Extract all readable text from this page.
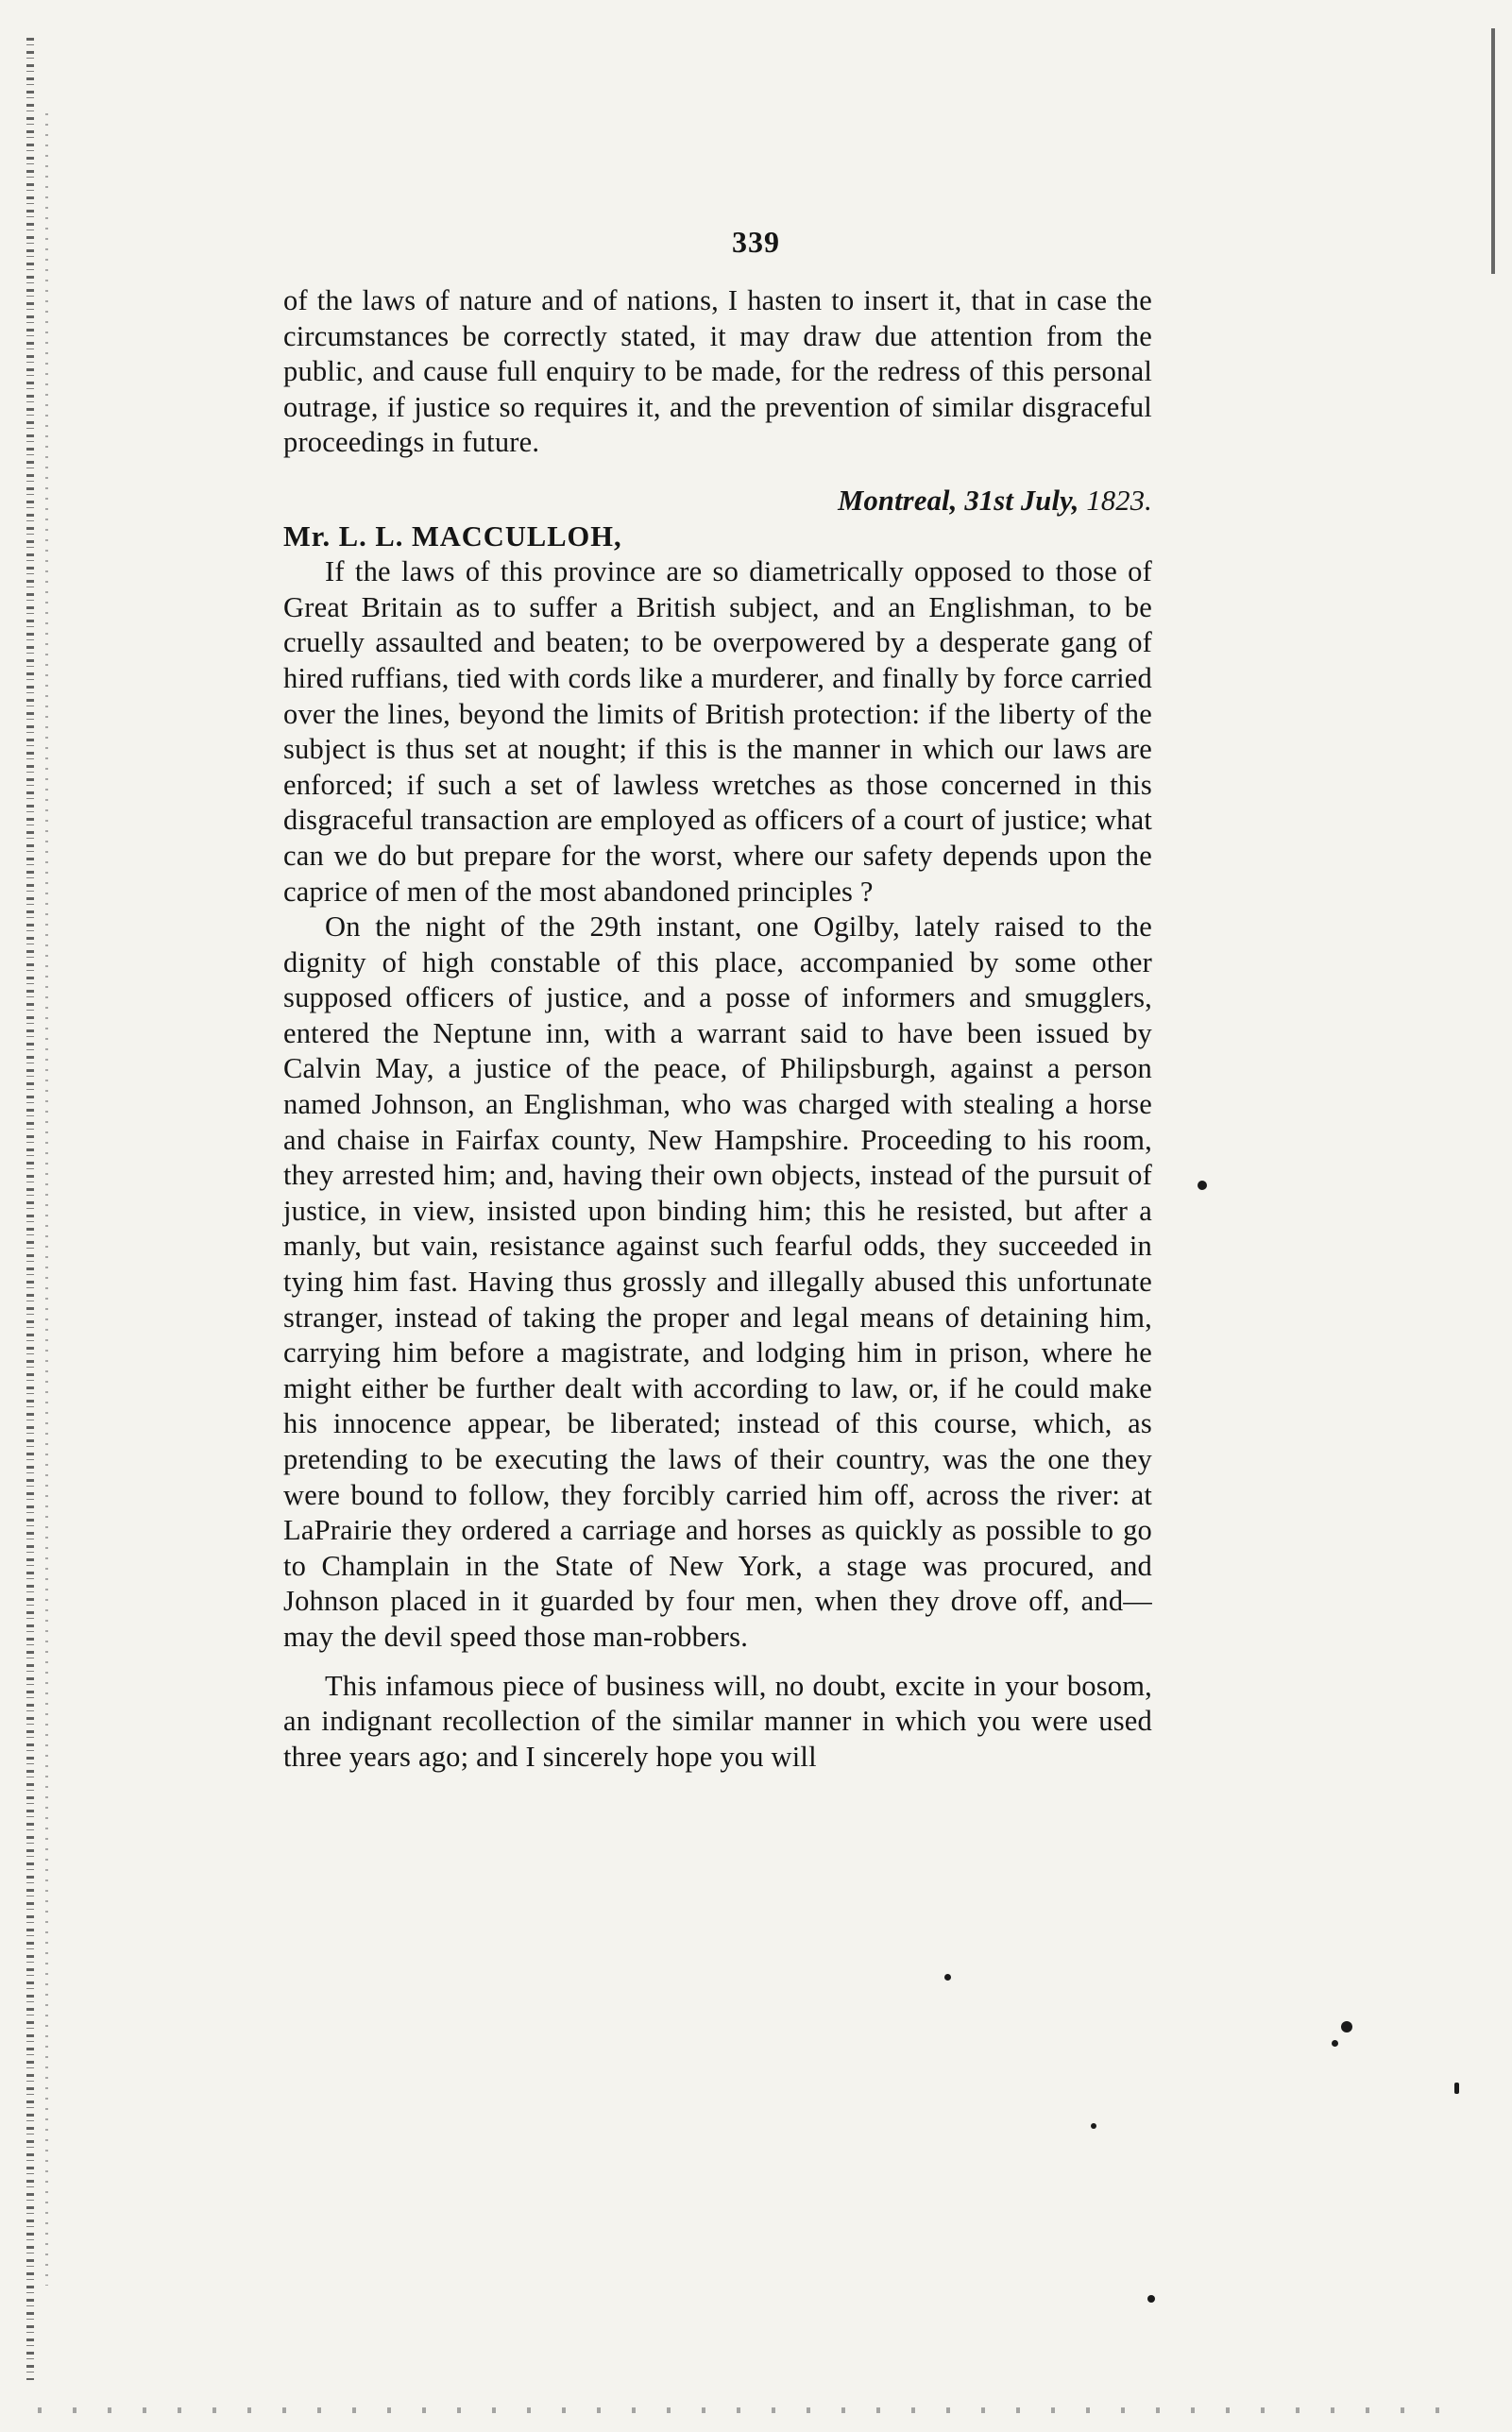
339

of the laws of nature and of nations, I hasten to insert it, that in case the circumstances be correctly stated, it may draw due attention from the public, and cause full enquiry to be made, for the redress of this personal outrage, if justice so requires it, and the prevention of similar disgraceful proceedings in future.

Montreal, 31st July, 1823.
Mr. L. L. MACCULLOH,

If the laws of this province are so diametrically opposed to those of Great Britain as to suffer a British subject, and an Englishman, to be cruelly assaulted and beaten; to be overpowered by a desperate gang of hired ruffians, tied with cords like a murderer, and finally by force carried over the lines, beyond the limits of British protection: if the liberty of the subject is thus set at nought; if this is the manner in which our laws are enforced; if such a set of lawless wretches as those concerned in this disgraceful transaction are employed as officers of a court of justice; what can we do but prepare for the worst, where our safety depends upon the caprice of men of the most abandoned principles ?

On the night of the 29th instant, one Ogilby, lately raised to the dignity of high constable of this place, accompanied by some other supposed officers of justice, and a posse of informers and smugglers, entered the Neptune inn, with a warrant said to have been issued by Calvin May, a justice of the peace, of Philipsburgh, against a person named Johnson, an Englishman, who was charged with stealing a horse and chaise in Fairfax county, New Hampshire. Proceeding to his room, they arrested him; and, having their own objects, instead of the pursuit of justice, in view, insisted upon binding him; this he resisted, but after a manly, but vain, resistance against such fearful odds, they succeeded in tying him fast. Having thus grossly and illegally abused this unfortunate stranger, instead of taking the proper and legal means of detaining him, carrying him before a magistrate, and lodging him in prison, where he might either be further dealt with according to law, or, if he could make his innocence appear, be liberated; instead of this course, which, as pretending to be executing the laws of their country, was the one they were bound to follow, they forcibly carried him off, across the river: at LaPrairie they ordered a carriage and horses as quickly as possible to go to Champlain in the State of New York, a stage was procured, and Johnson placed in it guarded by four men, when they drove off, and—may the devil speed those man-robbers.

This infamous piece of business will, no doubt, excite in your bosom, an indignant recollection of the similar manner in which you were used three years ago; and I sincerely hope you will
